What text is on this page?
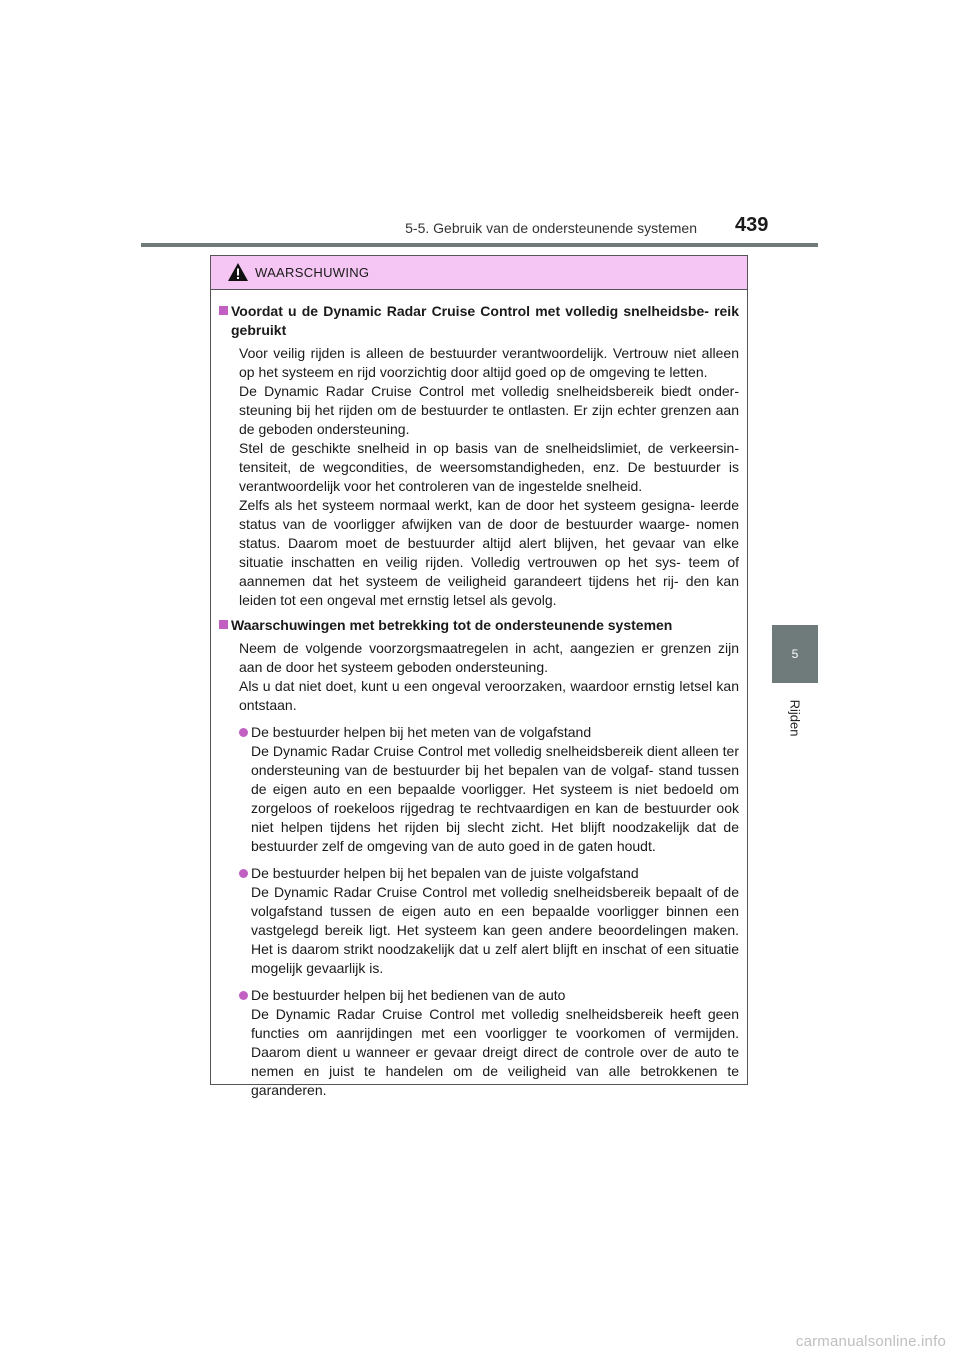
5-5. Gebruik van de ondersteunende systemen 439
5
Rijden
WAARSCHUWING
Voordat u de Dynamic Radar Cruise Control met volledig snelheidsbe- reik gebruikt
Voor veilig rijden is alleen de bestuurder verantwoordelijk. Vertrouw niet alleen op het systeem en rijd voorzichtig door altijd goed op de omgeving te letten.
De Dynamic Radar Cruise Control met volledig snelheidsbereik biedt onder- steuning bij het rijden om de bestuurder te ontlasten. Er zijn echter grenzen aan de geboden ondersteuning.
Stel de geschikte snelheid in op basis van de snelheidslimiet, de verkeersin- tensiteit, de wegcondities, de weersomstandigheden, enz. De bestuurder is verantwoordelijk voor het controleren van de ingestelde snelheid.
Zelfs als het systeem normaal werkt, kan de door het systeem gesigna- leerde status van de voorligger afwijken van de door de bestuurder waarge- nomen status. Daarom moet de bestuurder altijd alert blijven, het gevaar van elke situatie inschatten en veilig rijden. Volledig vertrouwen op het sys- teem of aannemen dat het systeem de veiligheid garandeert tijdens het rij- den kan leiden tot een ongeval met ernstig letsel als gevolg.
Waarschuwingen met betrekking tot de ondersteunende systemen
Neem de volgende voorzorgsmaatregelen in acht, aangezien er grenzen zijn aan de door het systeem geboden ondersteuning.
Als u dat niet doet, kunt u een ongeval veroorzaken, waardoor ernstig letsel kan ontstaan.
De bestuurder helpen bij het meten van de volgafstand
De Dynamic Radar Cruise Control met volledig snelheidsbereik dient alleen ter ondersteuning van de bestuurder bij het bepalen van de volgaf- stand tussen de eigen auto en een bepaalde voorligger. Het systeem is niet bedoeld om zorgeloos of roekeloos rijgedrag te rechtvaardigen en kan de bestuurder ook niet helpen tijdens het rijden bij slecht zicht. Het blijft noodzakelijk dat de bestuurder zelf de omgeving van de auto goed in de gaten houdt.
De bestuurder helpen bij het bepalen van de juiste volgafstand
De Dynamic Radar Cruise Control met volledig snelheidsbereik bepaalt of de volgafstand tussen de eigen auto en een bepaalde voorligger binnen een vastgelegd bereik ligt. Het systeem kan geen andere beoordelingen maken. Het is daarom strikt noodzakelijk dat u zelf alert blijft en inschat of een situatie mogelijk gevaarlijk is.
De bestuurder helpen bij het bedienen van de auto
De Dynamic Radar Cruise Control met volledig snelheidsbereik heeft geen functies om aanrijdingen met een voorligger te voorkomen of vermijden. Daarom dient u wanneer er gevaar dreigt direct de controle over de auto te nemen en juist te handelen om de veiligheid van alle betrokkenen te garanderen.
carmanualsonline.info
